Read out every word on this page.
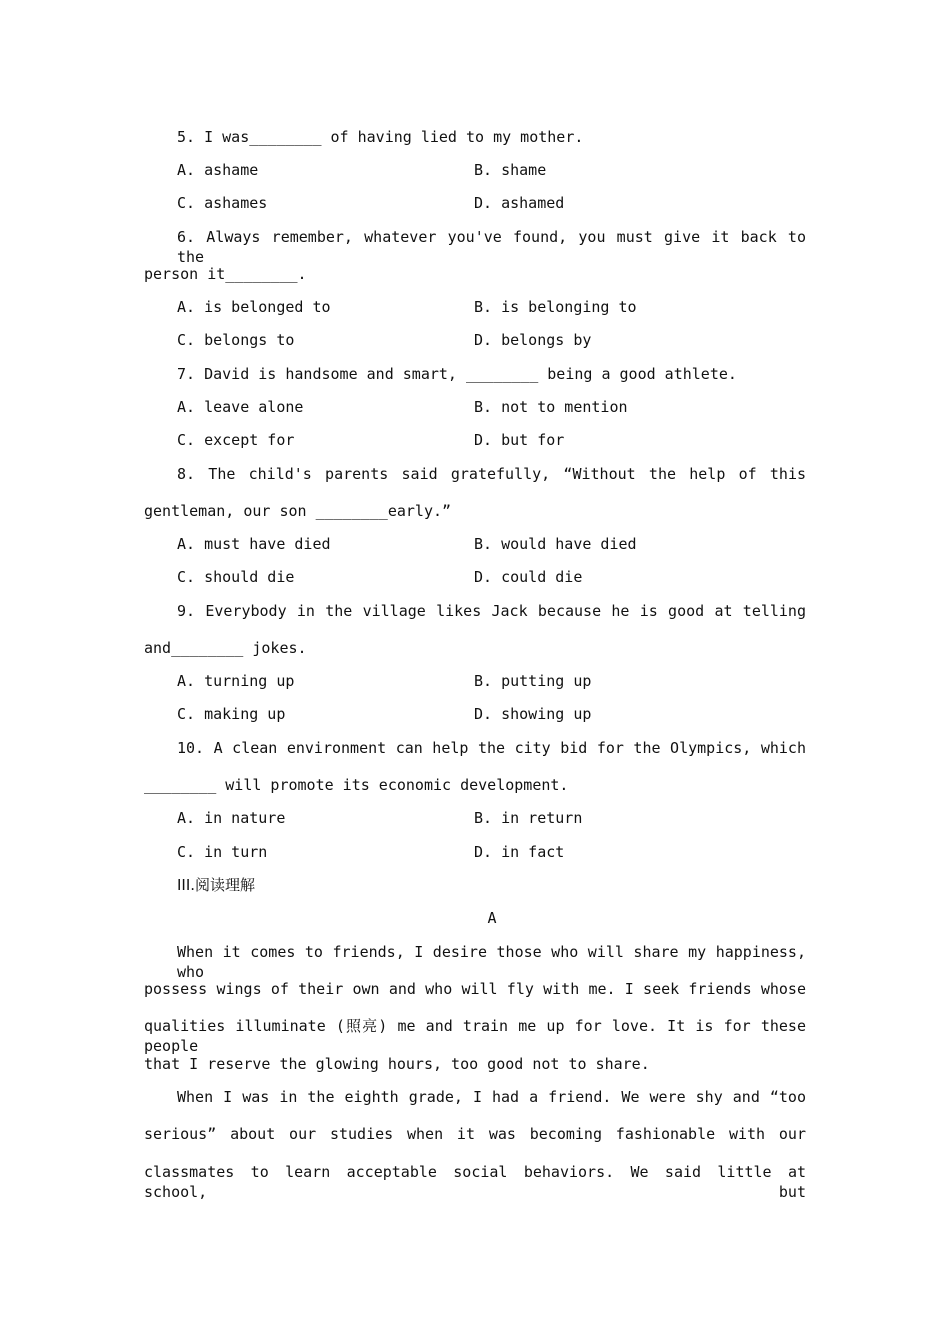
5. I was________ of having lied to my mother.
A. ashame	B. shame
C. ashames	D. ashamed
6. Always remember, whatever you've found, you must give it back to the
person it________.
A. is belonged to	B. is belonging to
C. belongs to	D. belongs by
7. David is handsome and smart, ________ being a good athlete.
A. leave alone	B. not to mention
C. except for	D. but for
8. The child's parents said gratefully, “Without the help of this
gentleman, our son ________early.”
A. must have died	B. would have died
C. should die	D. could die
9. Everybody in the village likes Jack because he is good at telling
and________ jokes.
A. turning up	B. putting up
C. making up	D. showing up
10. A clean environment can help the city bid for the Olympics, which
________ will promote its economic development.
A. in nature	B. in return
C. in turn	D. in fact
III.阅读理解
A
When it comes to friends, I desire those who will share my happiness, who
possess wings of their own and who will fly with me. I seek friends whose
qualities illuminate (照亮) me and train me up for love. It is for these people
that I reserve the glowing hours, too good not to share.
When I was in the eighth grade, I had a friend. We were shy and “too
serious” about our studies when it was becoming fashionable with our
classmates to learn acceptable social behaviors. We said little at school, but
